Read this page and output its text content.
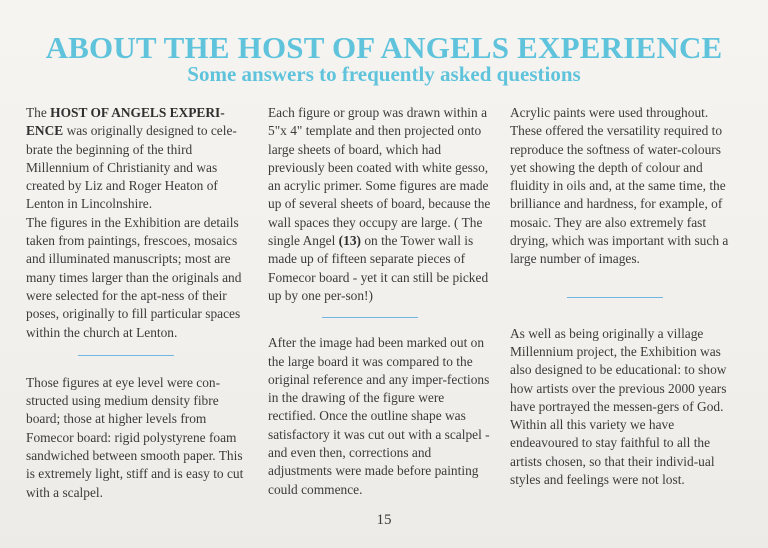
ABOUT THE HOST OF ANGELS EXPERIENCE
Some answers to frequently asked questions

The HOST OF ANGELS EXPERI-ENCE was originally designed to cele-brate the beginning of the third Millennium of Christianity and was created by Liz and Roger Heaton of Lenton in Lincolnshire.

The figures in the Exhibition are details taken from paintings, frescoes, mosaics and illuminated manuscripts; most are many times larger than the originals and were selected for the apt-ness of their poses, originally to fill particular spaces within the church at Lenton.

Those figures at eye level were con-structed using medium density fibre board; those at higher levels from Fomecor board: rigid polystyrene foam sandwiched between smooth paper. This is extremely light, stiff and is easy to cut with a scalpel.

Each figure or group was drawn within a 5"x 4" template and then projected onto large sheets of board, which had previously been coated with white gesso, an acrylic primer. Some figures are made up of several sheets of board, because the wall spaces they occupy are large. ( The single Angel (13) on the Tower wall is made up of fifteen separate pieces of Fomecor board - yet it can still be picked up by one per-son!)

After the image had been marked out on the large board it was compared to the original reference and any imper-fections in the drawing of the figure were rectified. Once the outline shape was satisfactory it was cut out with a scalpel - and even then, corrections and adjustments were made before painting could commence.

Acrylic paints were used throughout. These offered the versatility required to reproduce the softness of water-colours yet showing the depth of colour and fluidity in oils and, at the same time, the brilliance and hardness, for example, of mosaic. They are also extremely fast drying, which was important with such a large number of images.

As well as being originally a village Millennium project, the Exhibition was also designed to be educational: to show how artists over the previous 2000 years have portrayed the messen-gers of God. Within all this variety we have endeavoured to stay faithful to all the artists chosen, so that their individ-ual styles and feelings were not lost.

15
